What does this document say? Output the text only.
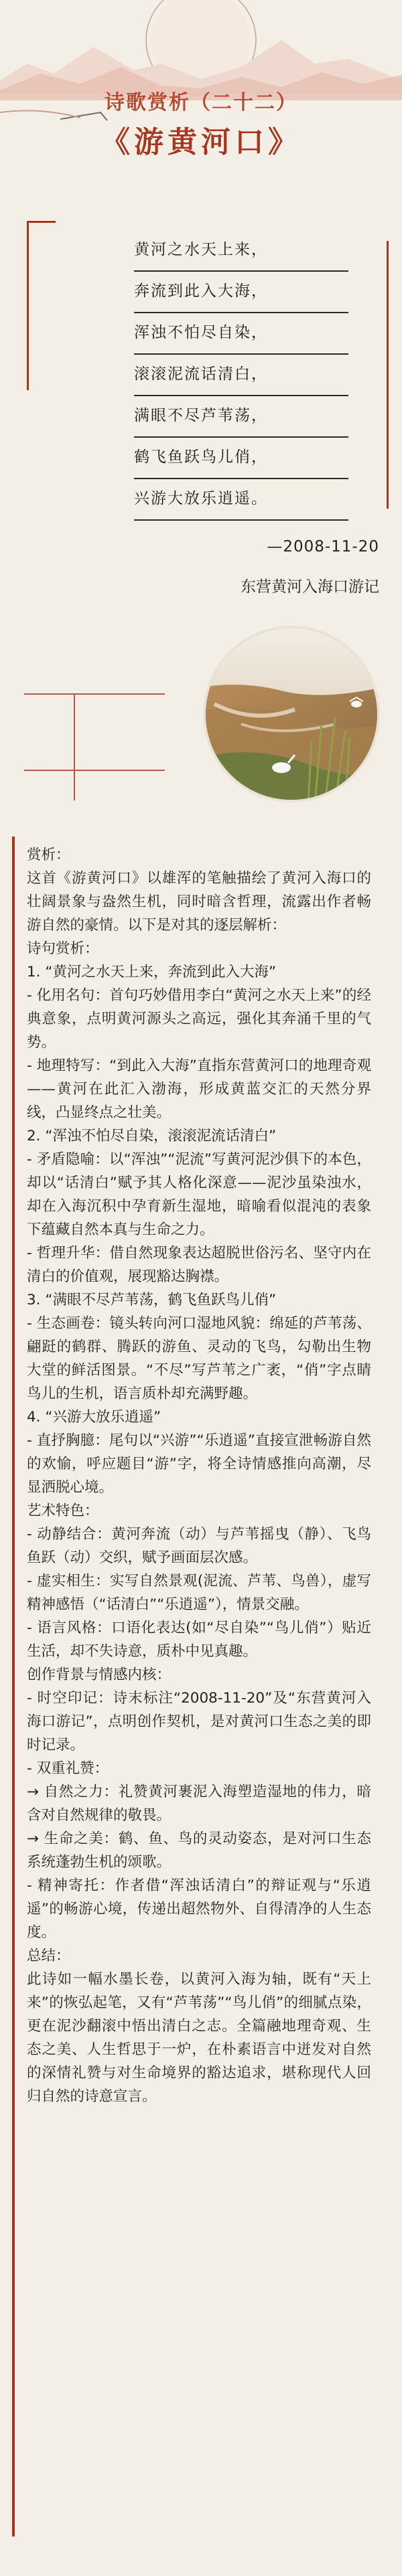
诗歌赏析（二十二）
《游黄河口》
黄河之水天上来，
奔流到此入大海，
浑浊不怕尽自染，
滚滚泥流话清白，
满眼不尽芦苇荡，
鹤飞鱼跃鸟儿俏，
兴游大放乐逍遥。
—2008-11-20
东营黄河入海口游记

赏析：

这首《游黄河口》以雄浑的笔触描绘了黄河入海口的壮阔景象与盎然生机，同时暗含哲理，流露出作者畅游自然的豪情。以下是对其的逐层解析：

诗句赏析：

1. “黄河之水天上来，奔流到此入大海”

- 化用名句：首句巧妙借用李白“黄河之水天上来”的经典意象，点明黄河源头之高远，强化其奔涌千里的气势。

- 地理特写：“到此入大海”直指东营黄河口的地理奇观——黄河在此汇入渤海，形成黄蓝交汇的天然分界线，凸显终点之壮美。

2. “浑浊不怕尽自染，滚滚泥流话清白”

- 矛盾隐喻：以“浑浊”“泥流”写黄河泥沙俱下的本色，却以“话清白”赋予其人格化深意——泥沙虽染浊水，却在入海沉积中孕育新生湿地，暗喻看似混沌的表象下蕴藏自然本真与生命之力。

- 哲理升华：借自然现象表达超脱世俗污名、坚守内在清白的价值观，展现豁达胸襟。

3. “满眼不尽芦苇荡，鹤飞鱼跃鸟儿俏”

- 生态画卷：镜头转向河口湿地风貌：绵延的芦苇荡、翩跹的鹤群、腾跃的游鱼、灵动的飞鸟，勾勒出生物大堂的鲜活图景。“不尽”写芦苇之广袤，“俏”字点睛鸟儿的生机，语言质朴却充满野趣。

4. “兴游大放乐逍遥”

- 直抒胸臆：尾句以“兴游”“乐逍遥”直接宣泄畅游自然的欢愉，呼应题目“游”字，将全诗情感推向高潮，尽显洒脱心境。

艺术特色：

- 动静结合：黄河奔流（动）与芦苇摇曳（静）、飞鸟鱼跃（动）交织，赋予画面层次感。

- 虚实相生：实写自然景观(泥流、芦苇、鸟兽），虚写精神感悟（“话清白”“乐逍遥”），情景交融。

- 语言风格：口语化表达(如“尽自染”“鸟儿俏”）贴近生活，却不失诗意，质朴中见真趣。

创作背景与情感内核：

- 时空印记：诗末标注“2008-11-20”及“东营黄河入海口游记”，点明创作契机，是对黄河口生态之美的即时记录。

- 双重礼赞：

→ 自然之力：礼赞黄河裹泥入海塑造湿地的伟力，暗含对自然规律的敬畏。

→ 生命之美：鹤、鱼、鸟的灵动姿态，是对河口生态系统蓬勃生机的颂歌。

- 精神寄托：作者借“浑浊话清白”的辩证观与“乐逍遥”的畅游心境，传递出超然物外、自得清净的人生态度。

总结：

此诗如一幅水墨长卷，以黄河入海为轴，既有“天上来”的恢弘起笔，又有“芦苇荡”“鸟儿俏”的细腻点染，更在泥沙翻滚中悟出清白之志。全篇融地理奇观、生态之美、人生哲思于一炉，在朴素语言中迸发对自然的深情礼赞与对生命境界的豁达追求，堪称现代人回归自然的诗意宣言。
